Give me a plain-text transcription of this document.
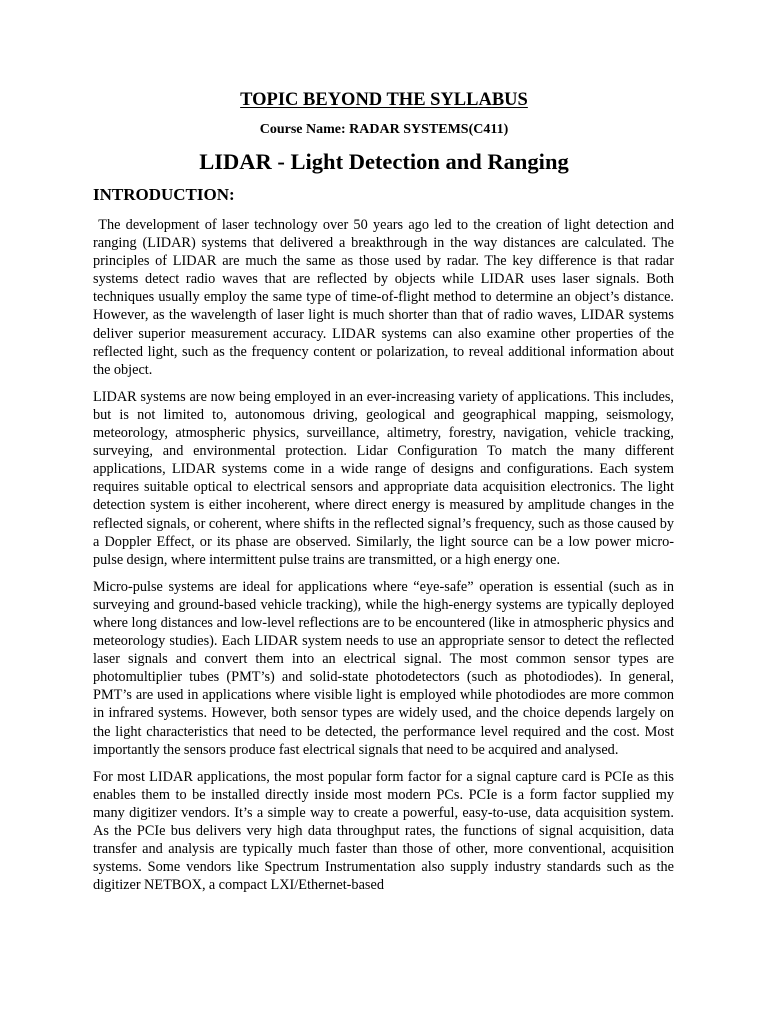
TOPIC BEYOND THE SYLLABUS
Course Name: RADAR SYSTEMS(C411)
LIDAR - Light Detection and Ranging
INTRODUCTION:

The development of laser technology over 50 years ago led to the creation of light detection and ranging (LIDAR) systems that delivered a breakthrough in the way distances are calculated. The principles of LIDAR are much the same as those used by radar. The key difference is that radar systems detect radio waves that are reflected by objects while LIDAR uses laser signals. Both techniques usually employ the same type of time-of-flight method to determine an object’s distance. However, as the wavelength of laser light is much shorter than that of radio waves, LIDAR systems deliver superior measurement accuracy. LIDAR systems can also examine other properties of the reflected light, such as the frequency content or polarization, to reveal additional information about the object.

LIDAR systems are now being employed in an ever-increasing variety of applications. This includes, but is not limited to, autonomous driving, geological and geographical mapping, seismology, meteorology, atmospheric physics, surveillance, altimetry, forestry, navigation, vehicle tracking, surveying, and environmental protection. Lidar Configuration To match the many different applications, LIDAR systems come in a wide range of designs and configurations. Each system requires suitable optical to electrical sensors and appropriate data acquisition electronics. The light detection system is either incoherent, where direct energy is measured by amplitude changes in the reflected signals, or coherent, where shifts in the reflected signal’s frequency, such as those caused by a Doppler Effect, or its phase are observed. Similarly, the light source can be a low power micro-pulse design, where intermittent pulse trains are transmitted, or a high energy one.

Micro-pulse systems are ideal for applications where “eye-safe” operation is essential (such as in surveying and ground-based vehicle tracking), while the high-energy systems are typically deployed where long distances and low-level reflections are to be encountered (like in atmospheric physics and meteorology studies). Each LIDAR system needs to use an appropriate sensor to detect the reflected laser signals and convert them into an electrical signal. The most common sensor types are photomultiplier tubes (PMT’s) and solid-state photodetectors (such as photodiodes). In general, PMT’s are used in applications where visible light is employed while photodiodes are more common in infrared systems. However, both sensor types are widely used, and the choice depends largely on the light characteristics that need to be detected, the performance level required and the cost. Most importantly the sensors produce fast electrical signals that need to be acquired and analysed.

For most LIDAR applications, the most popular form factor for a signal capture card is PCIe as this enables them to be installed directly inside most modern PCs. PCIe is a form factor supplied my many digitizer vendors. It’s a simple way to create a powerful, easy-to-use, data acquisition system. As the PCIe bus delivers very high data throughput rates, the functions of signal acquisition, data transfer and analysis are typically much faster than those of other, more conventional, acquisition systems. Some vendors like Spectrum Instrumentation also supply industry standards such as the digitizer NETBOX, a compact LXI/Ethernet-based
